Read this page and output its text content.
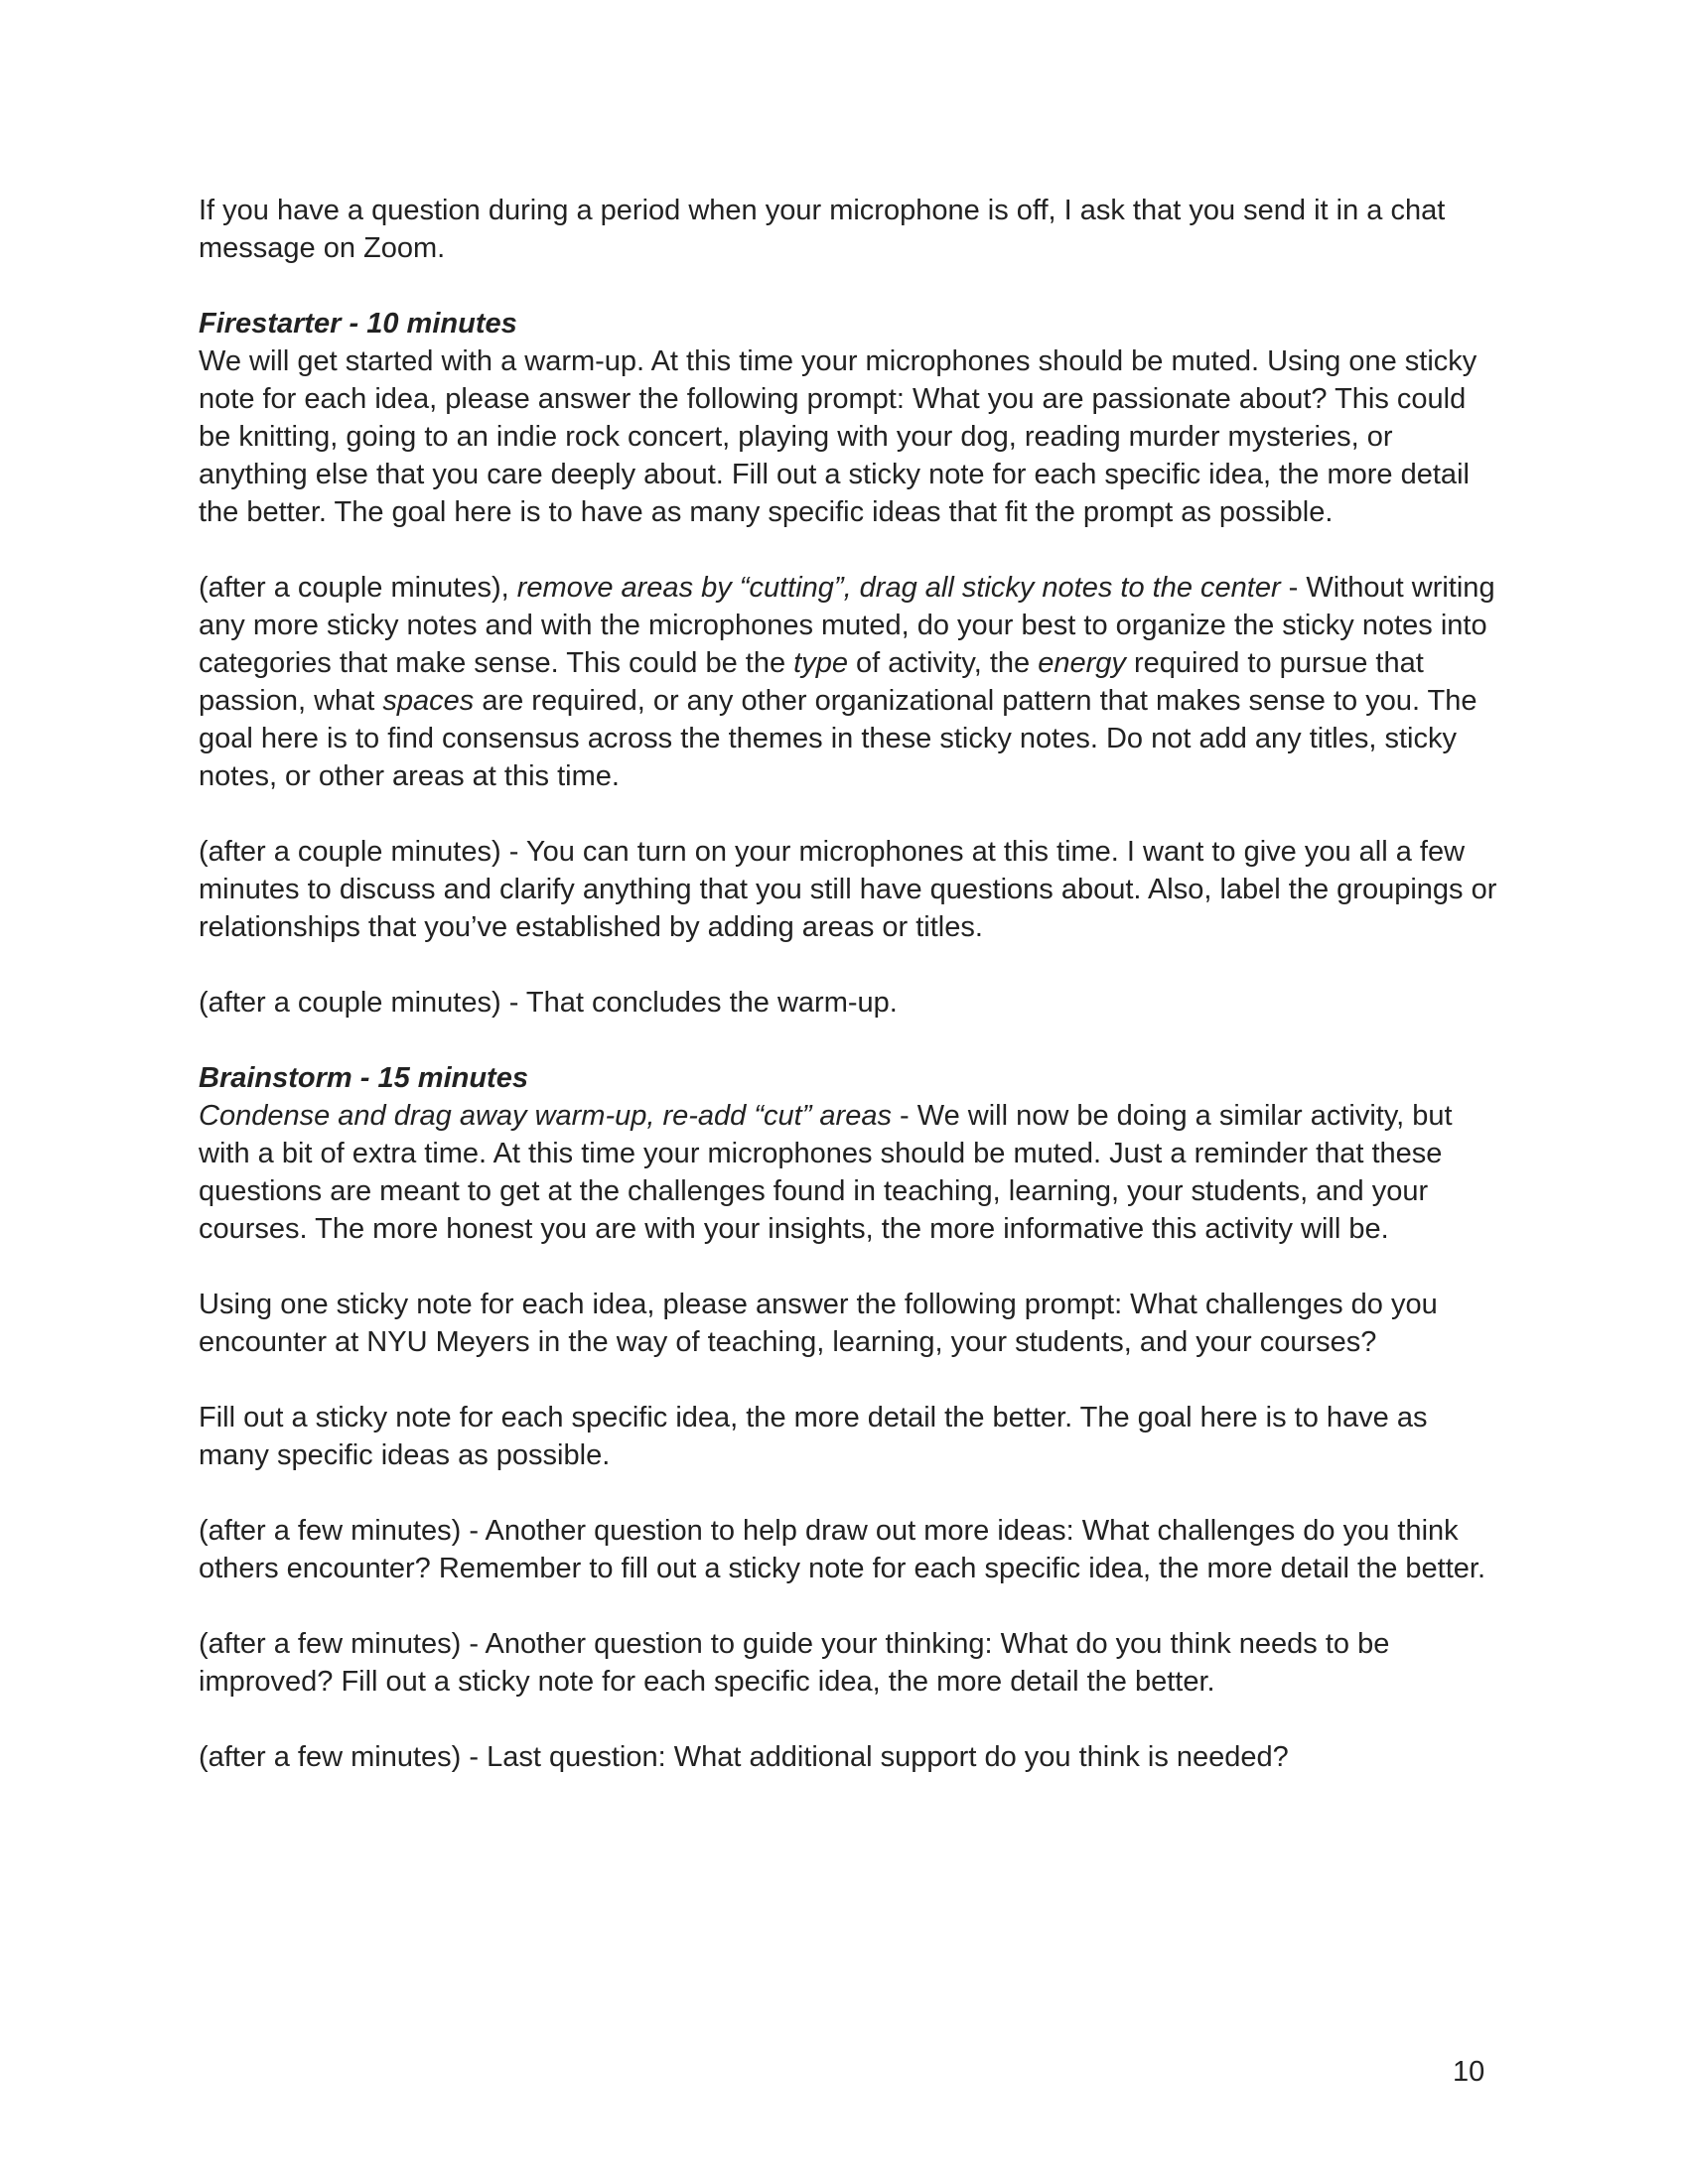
If you have a question during a period when your microphone is off, I ask that you send it in a chat message on Zoom.

Firestarter - 10 minutes
We will get started with a warm-up. At this time your microphones should be muted. Using one sticky note for each idea, please answer the following prompt: What you are passionate about? This could be knitting, going to an indie rock concert, playing with your dog, reading murder mysteries, or anything else that you care deeply about. Fill out a sticky note for each specific idea, the more detail the better. The goal here is to have as many specific ideas that fit the prompt as possible.

(after a couple minutes), remove areas by “cutting”, drag all sticky notes to the center - Without writing any more sticky notes and with the microphones muted, do your best to organize the sticky notes into categories that make sense. This could be the type of activity, the energy required to pursue that passion, what spaces are required, or any other organizational pattern that makes sense to you. The goal here is to find consensus across the themes in these sticky notes. Do not add any titles, sticky notes, or other areas at this time.

(after a couple minutes) - You can turn on your microphones at this time. I want to give you all a few minutes to discuss and clarify anything that you still have questions about. Also, label the groupings or relationships that you’ve established by adding areas or titles.

(after a couple minutes) - That concludes the warm-up.

Brainstorm - 15 minutes
Condense and drag away warm-up, re-add “cut” areas - We will now be doing a similar activity, but with a bit of extra time. At this time your microphones should be muted. Just a reminder that these questions are meant to get at the challenges found in teaching, learning, your students, and your courses. The more honest you are with your insights, the more informative this activity will be.

Using one sticky note for each idea, please answer the following prompt: What challenges do you encounter at NYU Meyers in the way of teaching, learning, your students, and your courses?

Fill out a sticky note for each specific idea, the more detail the better. The goal here is to have as many specific ideas as possible.

(after a few minutes) - Another question to help draw out more ideas: What challenges do you think others encounter? Remember to fill out a sticky note for each specific idea, the more detail the better.

(after a few minutes) - Another question to guide your thinking: What do you think needs to be improved? Fill out a sticky note for each specific idea, the more detail the better.

(after a few minutes) - Last question: What additional support do you think is needed?

10
